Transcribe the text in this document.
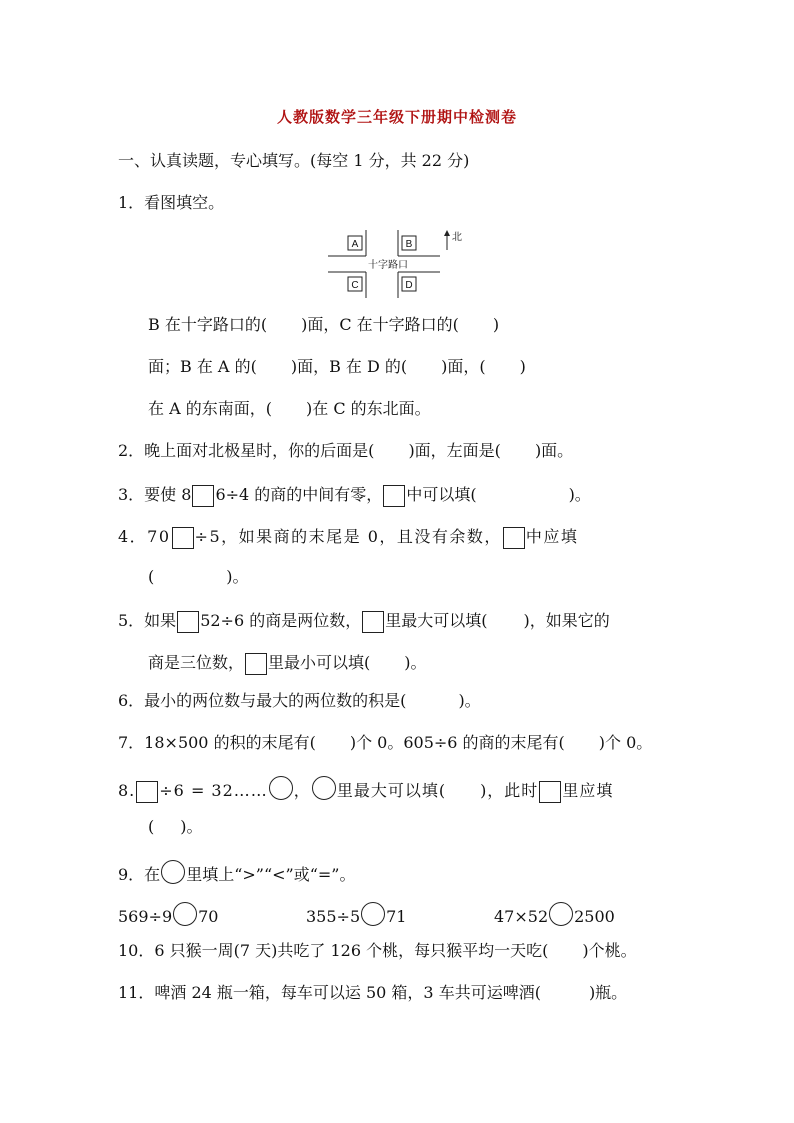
人教版数学三年级下册期中检测卷
一、认真读题，专心填写。(每空 1 分，共 22 分)
1．看图填空。
A	B
C	D
十字路口
北
B 在十字路口的( )面，C 在十字路口的( )
面；B 在 A 的( )面，B 在 D 的( )面，( )
在 A 的东南面，( )在 C 的东北面。
2．晚上面对北极星时，你的后面是( )面，左面是( )面。
3．要使 8 6÷4 的商的中间有零， 中可以填(	)。
4．70 ÷5，如果商的末尾是 0，且没有余数， 中应填
(	)。
5．如果 52÷6 的商是两位数， 里最大可以填( )，如果它的
商是三位数， 里最小可以填( )。
6．最小的两位数与最大的两位数的积是(	)。
7．18×500 的积的末尾有( )个 0。605÷6 的商的末尾有( )个 0。
8. ÷6 = 32…… ， 里最大可以填( )，此时 里应填
( )。
9．在 里填上“>”“<”或“=”。
569÷9 70	355÷5 71	47×52 2500
10．6 只猴一周(7 天)共吃了 126 个桃，每只猴平均一天吃( )个桃。
11．啤酒 24 瓶一箱，每车可以运 50 箱，3 车共可运啤酒(	)瓶。
